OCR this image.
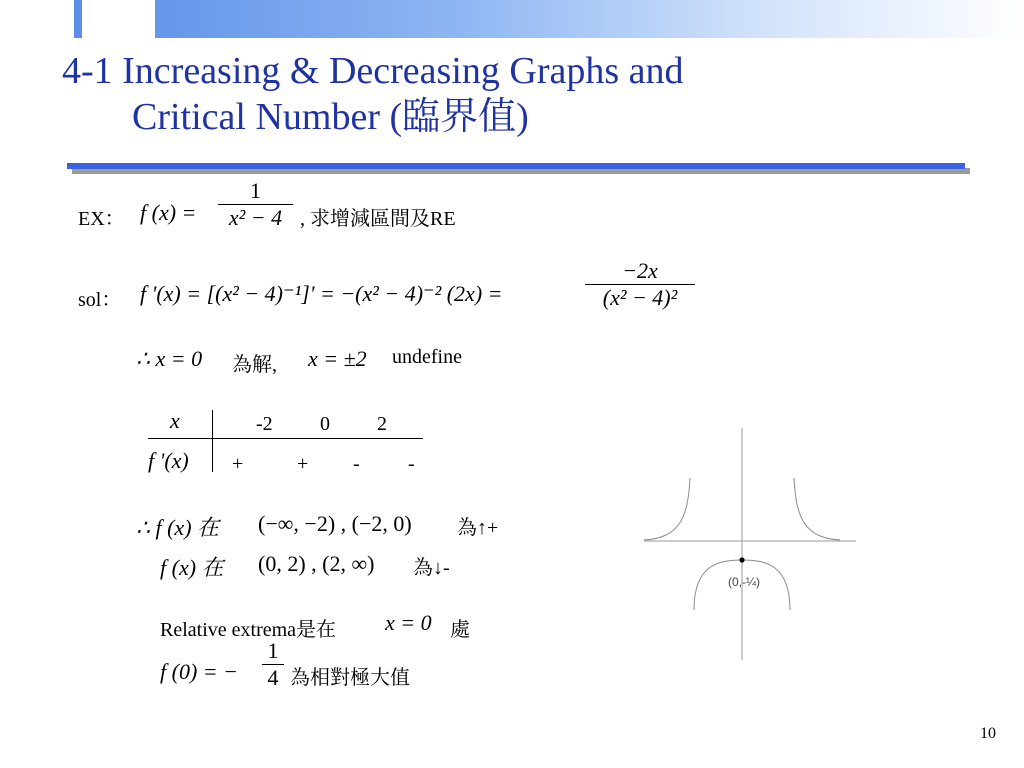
4-1 Increasing & Decreasing Graphs and
Critical Number (臨界值)
EX： f (x) =
1
x² − 4 , 求增減區間及RE
sol： f '(x) = [(x² − 4)⁻¹]' = −(x² − 4)⁻² (2x) =
−2x
(x² − 4)²
∴ x = 0 為解, x = ±2 undefine
x
f '(x)
-2 0 2
+	+ - -
∴ f (x) 在 (−∞, −2) , (−2, 0) 為↑+
f (x) 在 (0, 2) , (2, ∞) 為↓-
Relative extrema是在 x = 0 處
f (0) = −
1
4 為相對極大值
(0,-¼)
10
